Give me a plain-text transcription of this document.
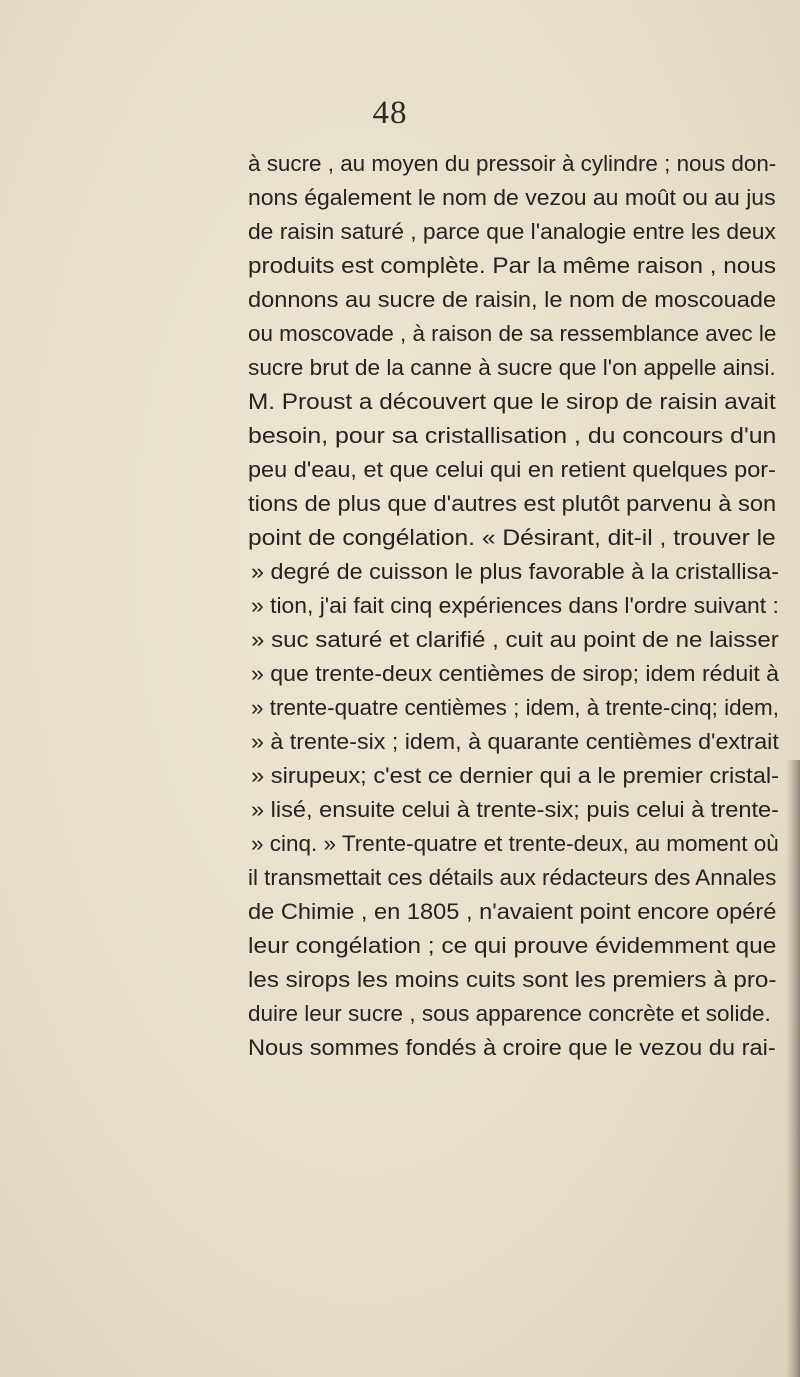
48
à sucre , au moyen du pressoir à cylindre ; nous don-
nons également le nom de vezou au moût ou au jus
de raisin saturé , parce que l'analogie entre les deux
produits est complète. Par la même raison , nous
donnons au sucre de raisin, le nom de moscouade
ou moscovade , à raison de sa ressemblance avec le
sucre brut de la canne à sucre que l'on appelle ainsi.
M. Proust a découvert que le sirop de raisin avait
besoin, pour sa cristallisation , du concours d'un
peu d'eau, et que celui qui en retient quelques por-
tions de plus que d'autres est plutôt parvenu à son
point de congélation. « Désirant, dit-il , trouver le
» degré de cuisson le plus favorable à la cristallisa-
» tion, j'ai fait cinq expériences dans l'ordre suivant :
» suc saturé et clarifié , cuit au point de ne laisser
» que trente-deux centièmes de sirop; idem réduit à
» trente-quatre centièmes ; idem, à trente-cinq; idem,
» à trente-six ; idem, à quarante centièmes d'extrait
» sirupeux; c'est ce dernier qui a le premier cristal-
» lisé, ensuite celui à trente-six; puis celui à trente-
» cinq. » Trente-quatre et trente-deux, au moment où
il transmettait ces détails aux rédacteurs des Annales
de Chimie , en 1805 , n'avaient point encore opéré
leur congélation ; ce qui prouve évidemment que
les sirops les moins cuits sont les premiers à pro-
duire leur sucre , sous apparence concrète et solide.
Nous sommes fondés à croire que le vezou du rai-
